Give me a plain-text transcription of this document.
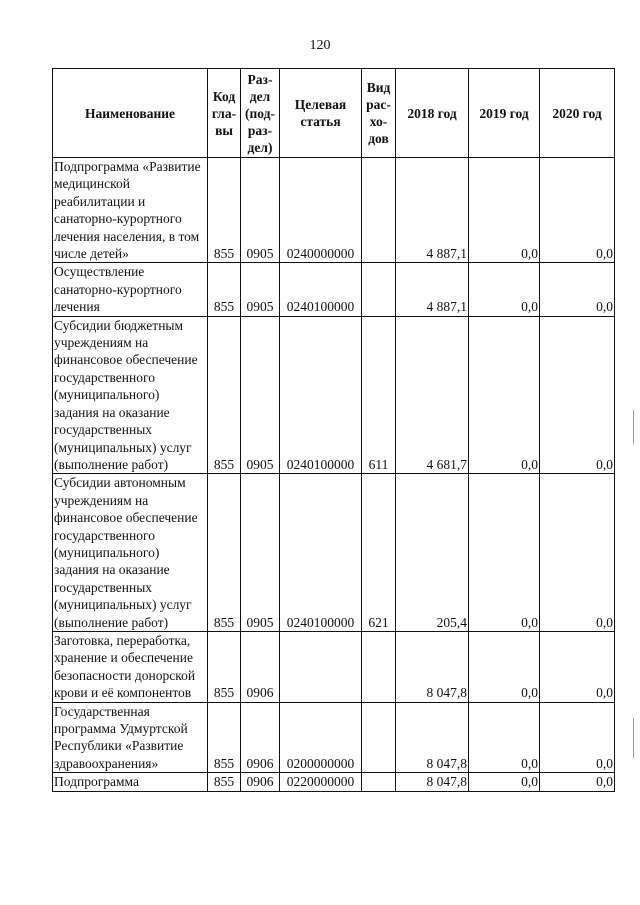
120
Наименование	Код гла- вы	Раз- дел (под- раз- дел)	Целевая статья	Вид рас- хо- дов	2018 год	2019 год	2020 год
Подпрограмма «Развитие медицинской реабилитации и санаторно-курортного лечения населения, в том числе детей»	855	0905	0240000000		4 887,1	0,0	0,0
Осуществление санаторно-курортного лечения	855	0905	0240100000		4 887,1	0,0	0,0
Субсидии бюджетным учреждениям на финансовое обеспечение государственного (муниципального) задания на оказание государственных (муниципальных) услуг (выполнение работ)	855	0905	0240100000	611	4 681,7	0,0	0,0
Субсидии автономным учреждениям на финансовое обеспечение государственного (муниципального) задания на оказание государственных (муниципальных) услуг (выполнение работ)	855	0905	0240100000	621	205,4	0,0	0,0
Заготовка, переработка, хранение и обеспечение безопасности донорской крови и её компонентов	855	0906			8 047,8	0,0	0,0
Государственная программа Удмуртской Республики «Развитие здравоохранения»	855	0906	0200000000		8 047,8	0,0	0,0
Подпрограмма	855	0906	0220000000		8 047,8	0,0	0,0
